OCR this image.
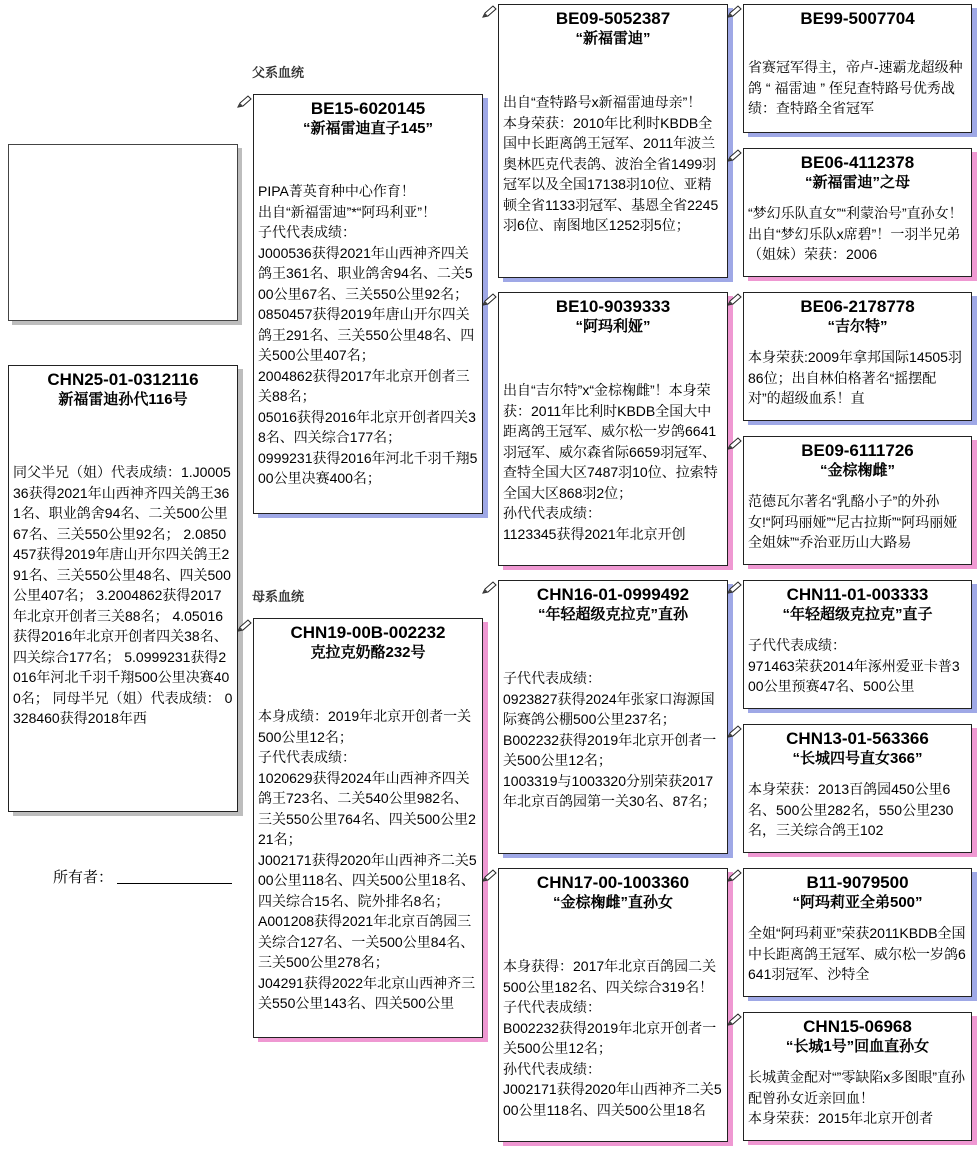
父系血统
母系血统
CHN25-01-0312116
新福雷迪孙代116号
同父半兄（姐）代表成绩：1.J000536获得2021年山西神齐四关鸽王361名、职业鸽舍94名、二关500公里67名、三关550公里92名； 2.0850457获得2019年唐山开尔四关鸽王291名、三关550公里48名、四关500公里407名； 3.2004862获得2017年北京开创者三关88名； 4.05016获得2016年北京开创者四关38名、四关综合177名； 5.0999231获得2016年河北千羽千翔500公里决赛400名； 同母半兄（姐）代表成绩： 0328460获得2018年西
所有者：
BE15-6020145
“新福雷迪直子145”
PIPA菁英育种中心作育！
出自“新福雷迪”*“阿玛利亚”！
子代代表成绩：
J000536获得2021年山西神齐四关鸽王361名、职业鸽舍94名、二关500公里67名、三关550公里92名；
0850457获得2019年唐山开尔四关鸽王291名、三关550公里48名、四关500公里407名；
2004862获得2017年北京开创者三关88名；
05016获得2016年北京开创者四关38名、四关综合177名；
0999231获得2016年河北千羽千翔500公里决赛400名；
CHN19-00B-002232
克拉克奶酪232号
本身成绩：2019年北京开创者一关500公里12名；
子代代表成绩：
1020629获得2024年山西神齐四关鸽王723名、二关540公里982名、三关550公里764名、四关500公里221名；
J002171获得2020年山西神齐二关500公里118名、四关500公里18名、四关综合15名、院外排名8名；
A001208获得2021年北京百鸽园三关综合127名、一关500公里84名、三关500公里278名；
J04291获得2022年北京山西神齐三关550公里143名、四关500公里
BE09-5052387
“新福雷迪”
出自“查特路号x新福雷迪母亲”！
本身荣获：2010年比利时KBDB全国中长距离鸽王冠军、2011年波兰奥林匹克代表鸽、波治全省1499羽冠军以及全国17138羽10位、亚精顿全省1133羽冠军、基恩全省2245羽6位、南图地区1252羽5位；
BE10-9039333
“阿玛利娅”
出自“吉尔特”x“金棕椈雌”！本身荣获：2011年比利时KBDB全国大中距离鸽王冠军、威尔松一岁鸽6641羽冠军、威尔森省际6659羽冠军、查特全国大区7487羽10位、拉索特全国大区868羽2位；
孙代代表成绩：
1123345获得2021年北京开创
CHN16-01-0999492
“年轻超级克拉克”直孙
子代代表成绩：
0923827获得2024年张家口海源国际赛鸽公棚500公里237名；
B002232获得2019年北京开创者一关500公里12名；
1003319与1003320分别荣获2017年北京百鸽园第一关30名、87名；
CHN17-00-1003360
“金棕椈雌”直孙女
本身获得：2017年北京百鸽园二关500公里182名、四关综合319名！
子代代表成绩：
B002232获得2019年北京开创者一关500公里12名；
孙代代表成绩：
J002171获得2020年山西神齐二关500公里118名、四关500公里18名
BE99-5007704
省赛冠军得主，帝卢-速霸龙超级种鸽 “ 福雷迪 ” 侄兒查特路号优秀战绩：查特路全省冠军
BE06-4112378
“新福雷迪”之母
“梦幻乐队直女”“利蒙治号”直孙女！出自“梦幻乐队x席碧”！一羽半兄弟（姐妹）荣获：2006
BE06-2178778
“吉尔特”
本身荣获:2009年拿邦国际14505羽86位；出自林伯格著名“摇摆配对”的超级血系！直
BE09-6111726
“金棕椈雌”
范德瓦尔著名“乳酪小子”的外孙女!“阿玛丽娅”“尼古拉斯”“阿玛丽娅全姐妹”“乔治亚历山大路易
CHN11-01-003333
“年轻超级克拉克”直子
子代代表成绩：
971463荣获2014年涿州爱亚卡普300公里预赛47名、500公里
CHN13-01-563366
“长城四号直女366”
本身荣获：2013百鸽园450公里6名、500公里282名，550公里230名，三关综合鸽王102
B11-9079500
“阿玛莉亚全弟500”
全姐“阿玛莉亚”荣获2011KBDB全国中长距离鸽王冠军、威尔松一岁鸽6641羽冠军、沙特全
CHN15-06968
“长城1号”回血直孙女
长城黄金配对“”零缺陷x多图眼”直孙配曾孙女近亲回血！
本身荣获：2015年北京开创者
